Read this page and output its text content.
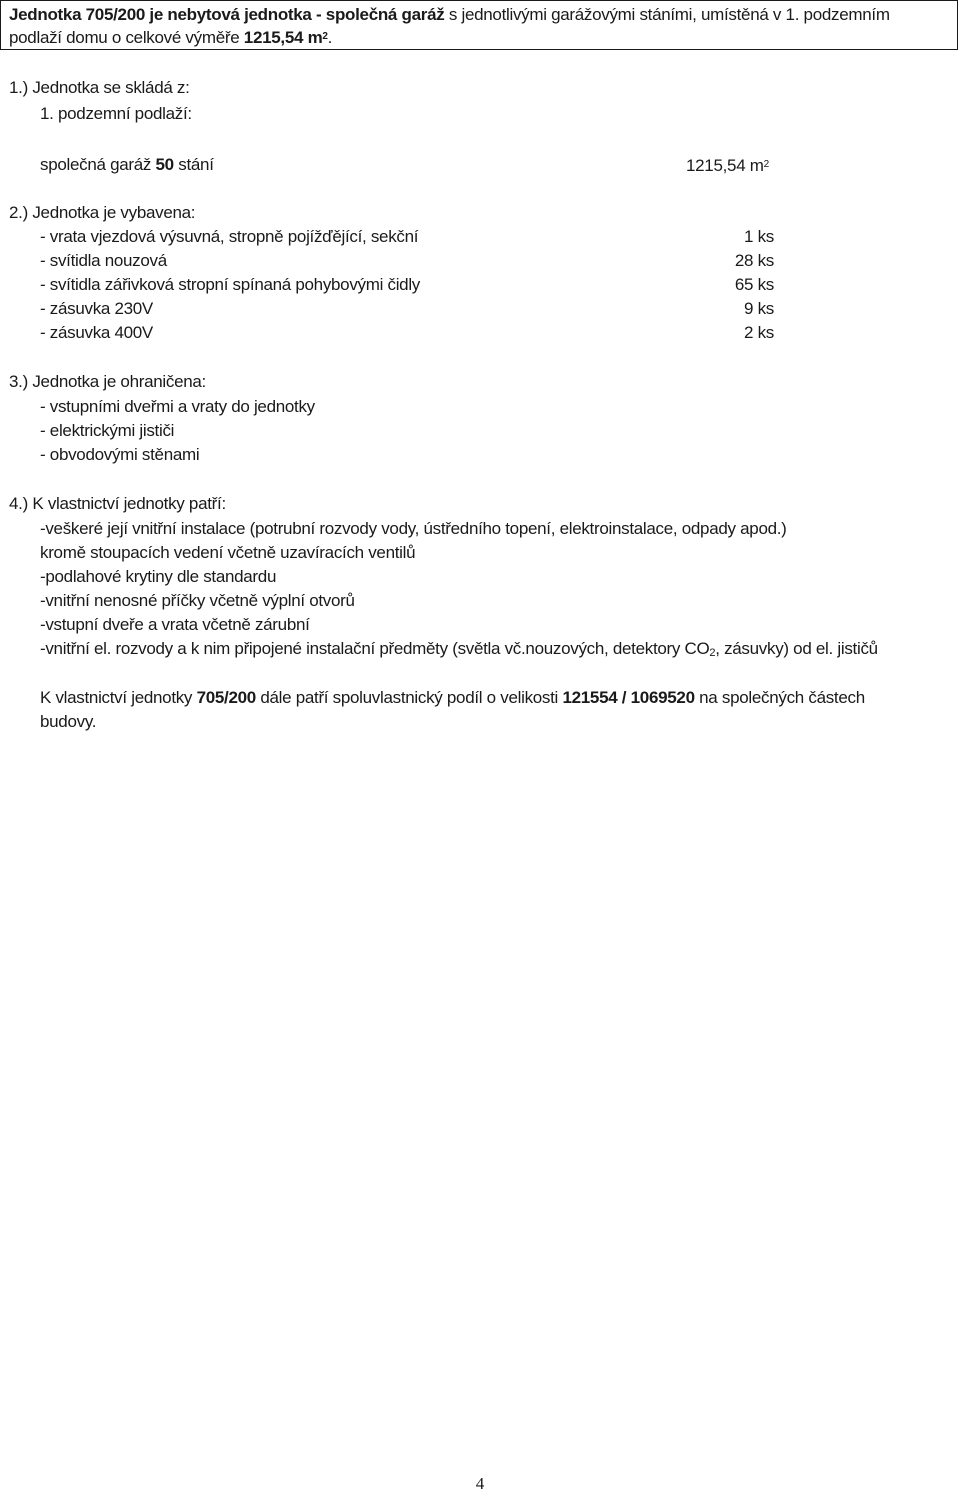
Jednotka 705/200 je nebytová jednotka - společná garáž s jednotlivými garážovými stáními, umístěná v 1. podzemním
podlaží domu o celkové výměře 1215,54 $m^2$.
1.) Jednotka se skládá z:
1. podzemní podlaží:
společná garáž 50 stání	1215,54 $m^2$
2.) Jednotka je vybavena:
- vrata vjezdová výsuvná, stropně pojížďějící, sekční	1 ks
- svítidla nouzová	28 ks
- svítidla zářivková stropní spínaná pohybovými čidly	65 ks
- zásuvka 230V	9 ks
- zásuvka 400V	2 ks
3.) Jednotka je ohraničena:
- vstupními dveřmi a vraty do jednotky
- elektrickými jističi
- obvodovými stěnami
4.) K vlastnictví jednotky patří:
-veškeré její vnitřní instalace (potrubní rozvody vody, ústředního topení, elektroinstalace, odpady apod.)
kromě stoupacích vedení včetně uzavíracích ventilů
-podlahové krytiny dle standardu
-vnitřní nenosné příčky včetně výplní otvorů
-vstupní dveře a vrata včetně zárubní
-vnitřní el. rozvody a k nim připojené instalační předměty (světla vč.nouzových, detektory $CO_2$, zásuvky) od el. jističů
K vlastnictví jednotky 705/200 dále patří spoluvlastnický podíl o velikosti 121554 / 1069520 na společných částech
budovy.
4
